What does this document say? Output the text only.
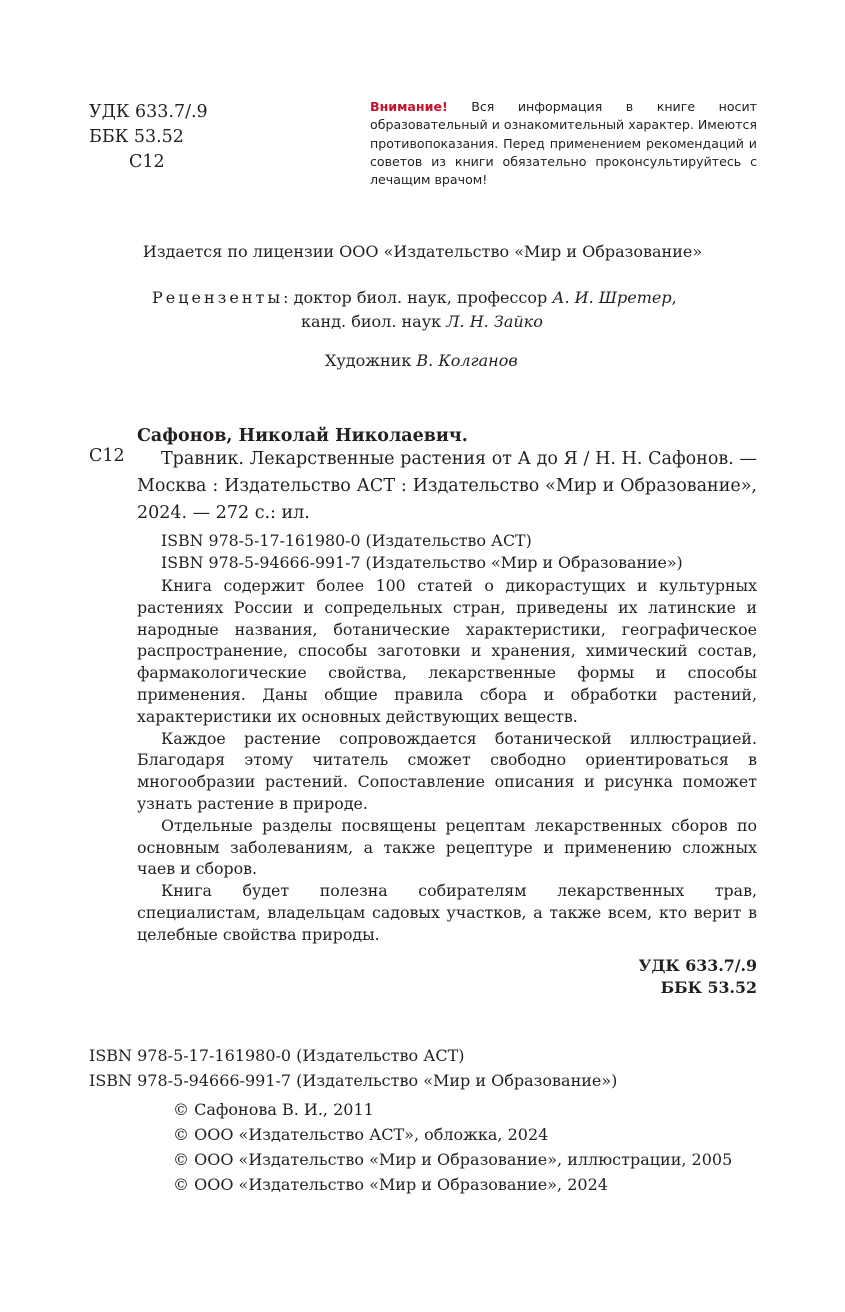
УДК 633.7/.9
ББК 53.52
С12
Внимание! Вся информация в книге носит образовательный и ознакомительный характер. Имеются противопоказания. Перед применением рекомендаций и советов из книги обязательно проконсультируйтесь с лечащим врачом!
Издается по лицензии ООО «Издательство «Мир и Образование»
Рецензенты: доктор биол. наук, профессор А. И. Шретер,
канд. биол. наук Л. Н. Зайко
Художник В. Колганов
Сафонов, Николай Николаевич.
С12	Травник. Лекарственные растения от А до Я / Н. Н. Сафонов. — Москва : Издательство АСТ : Издательство «Мир и Образование», 2024. — 272 с.: ил.
ISBN 978-5-17-161980-0 (Издательство АСТ)
ISBN 978-5-94666-991-7 (Издательство «Мир и Образование»)

Книга содержит более 100 статей о дикорастущих и культурных растениях России и сопредельных стран, приведены их латинские и народные названия, ботанические характеристики, географическое распространение, способы заготовки и хранения, химический состав, фармакологические свойства, лекарственные формы и способы применения. Даны общие правила сбора и обработки растений, характеристики их основных действующих веществ.

Каждое растение сопровождается ботанической иллюстрацией. Благодаря этому читатель сможет свободно ориентироваться в многообразии растений. Сопоставление описания и рисунка поможет узнать растение в природе.

Отдельные разделы посвящены рецептам лекарственных сборов по основным заболеваниям, а также рецептуре и применению сложных чаев и сборов.

Книга будет полезна собирателям лекарственных трав, специалистам, владельцам садовых участков, а также всем, кто верит в целебные свойства природы.

УДК 633.7/.9
ББК 53.52
ISBN 978-5-17-161980-0 (Издательство АСТ)
ISBN 978-5-94666-991-7 (Издательство «Мир и Образование»)
© Сафонова В. И., 2011
© ООО «Издательство АСТ», обложка, 2024
© ООО «Издательство «Мир и Образование», иллюстрации, 2005
© ООО «Издательство «Мир и Образование», 2024
